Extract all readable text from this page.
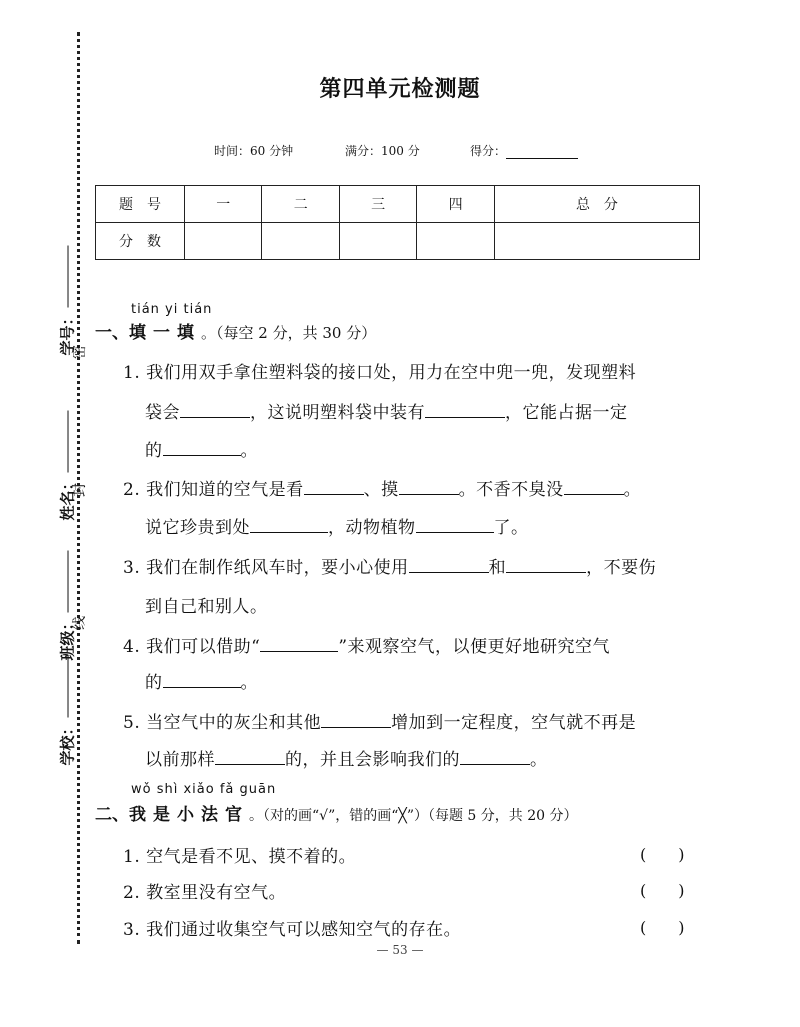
学号：
姓名：
班级：
学校：
密
封
线
第四单元检测题
时间：60 分钟	满分：100 分	得分：
题　号	一	二	三	四	总　分
分　数					
tián yi tián
一、填一填。（每空 2 分，共 30 分）
1. 我们用双手拿住塑料袋的接口处，用力在空中兜一兜，发现塑料
袋会	，这说明塑料袋中装有	，它能占据一定
的	。
2. 我们知道的空气是看	、摸	。不香不臭没	。
说它珍贵到处	，动物植物	了。
3. 我们在制作纸风车时，要小心使用	和	，不要伤
到自己和别人。
4. 我们可以借助“	”来观察空气，以便更好地研究空气
的	。
5. 当空气中的灰尘和其他	增加到一定程度，空气就不再是
以前那样	的，并且会影响我们的	。
wǒ shì xiǎo fǎ guān
二、我是小法官。（对的画“√”，错的画“╳”）（每题 5 分，共 20 分）
1. 空气是看不见、摸不着的。	(　　)
2. 教室里没有空气。	(　　)
3. 我们通过收集空气可以感知空气的存在。	(　　)
— 53 —
